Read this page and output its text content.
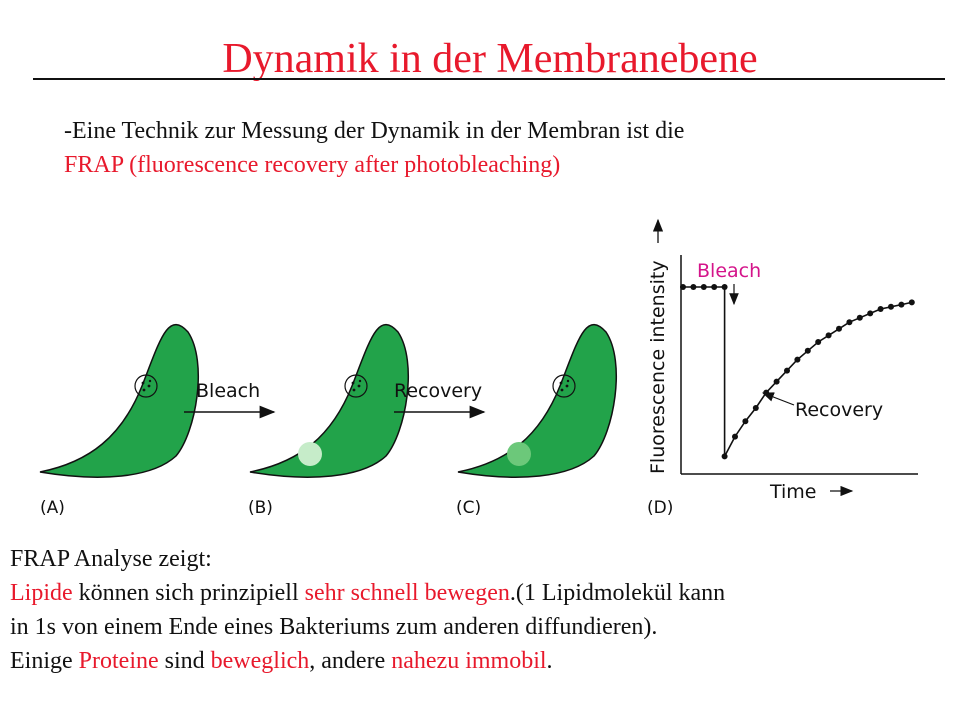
Dynamik in der Membranebene
-Eine Technik zur Messung der Dynamik in der Membran ist die
FRAP (fluorescence recovery after photobleaching)
Bleach	Recovery
(A)	(B)	(C)	(D)
Time
Fluorescence intensity Bleach
Recovery
FRAP Analyse zeigt:
Lipide können sich prinzipiell sehr schnell bewegen.(1 Lipidmolekül kann
in 1s von einem Ende eines Bakteriums zum anderen diffundieren).
Einige Proteine sind beweglich, andere nahezu immobil.
